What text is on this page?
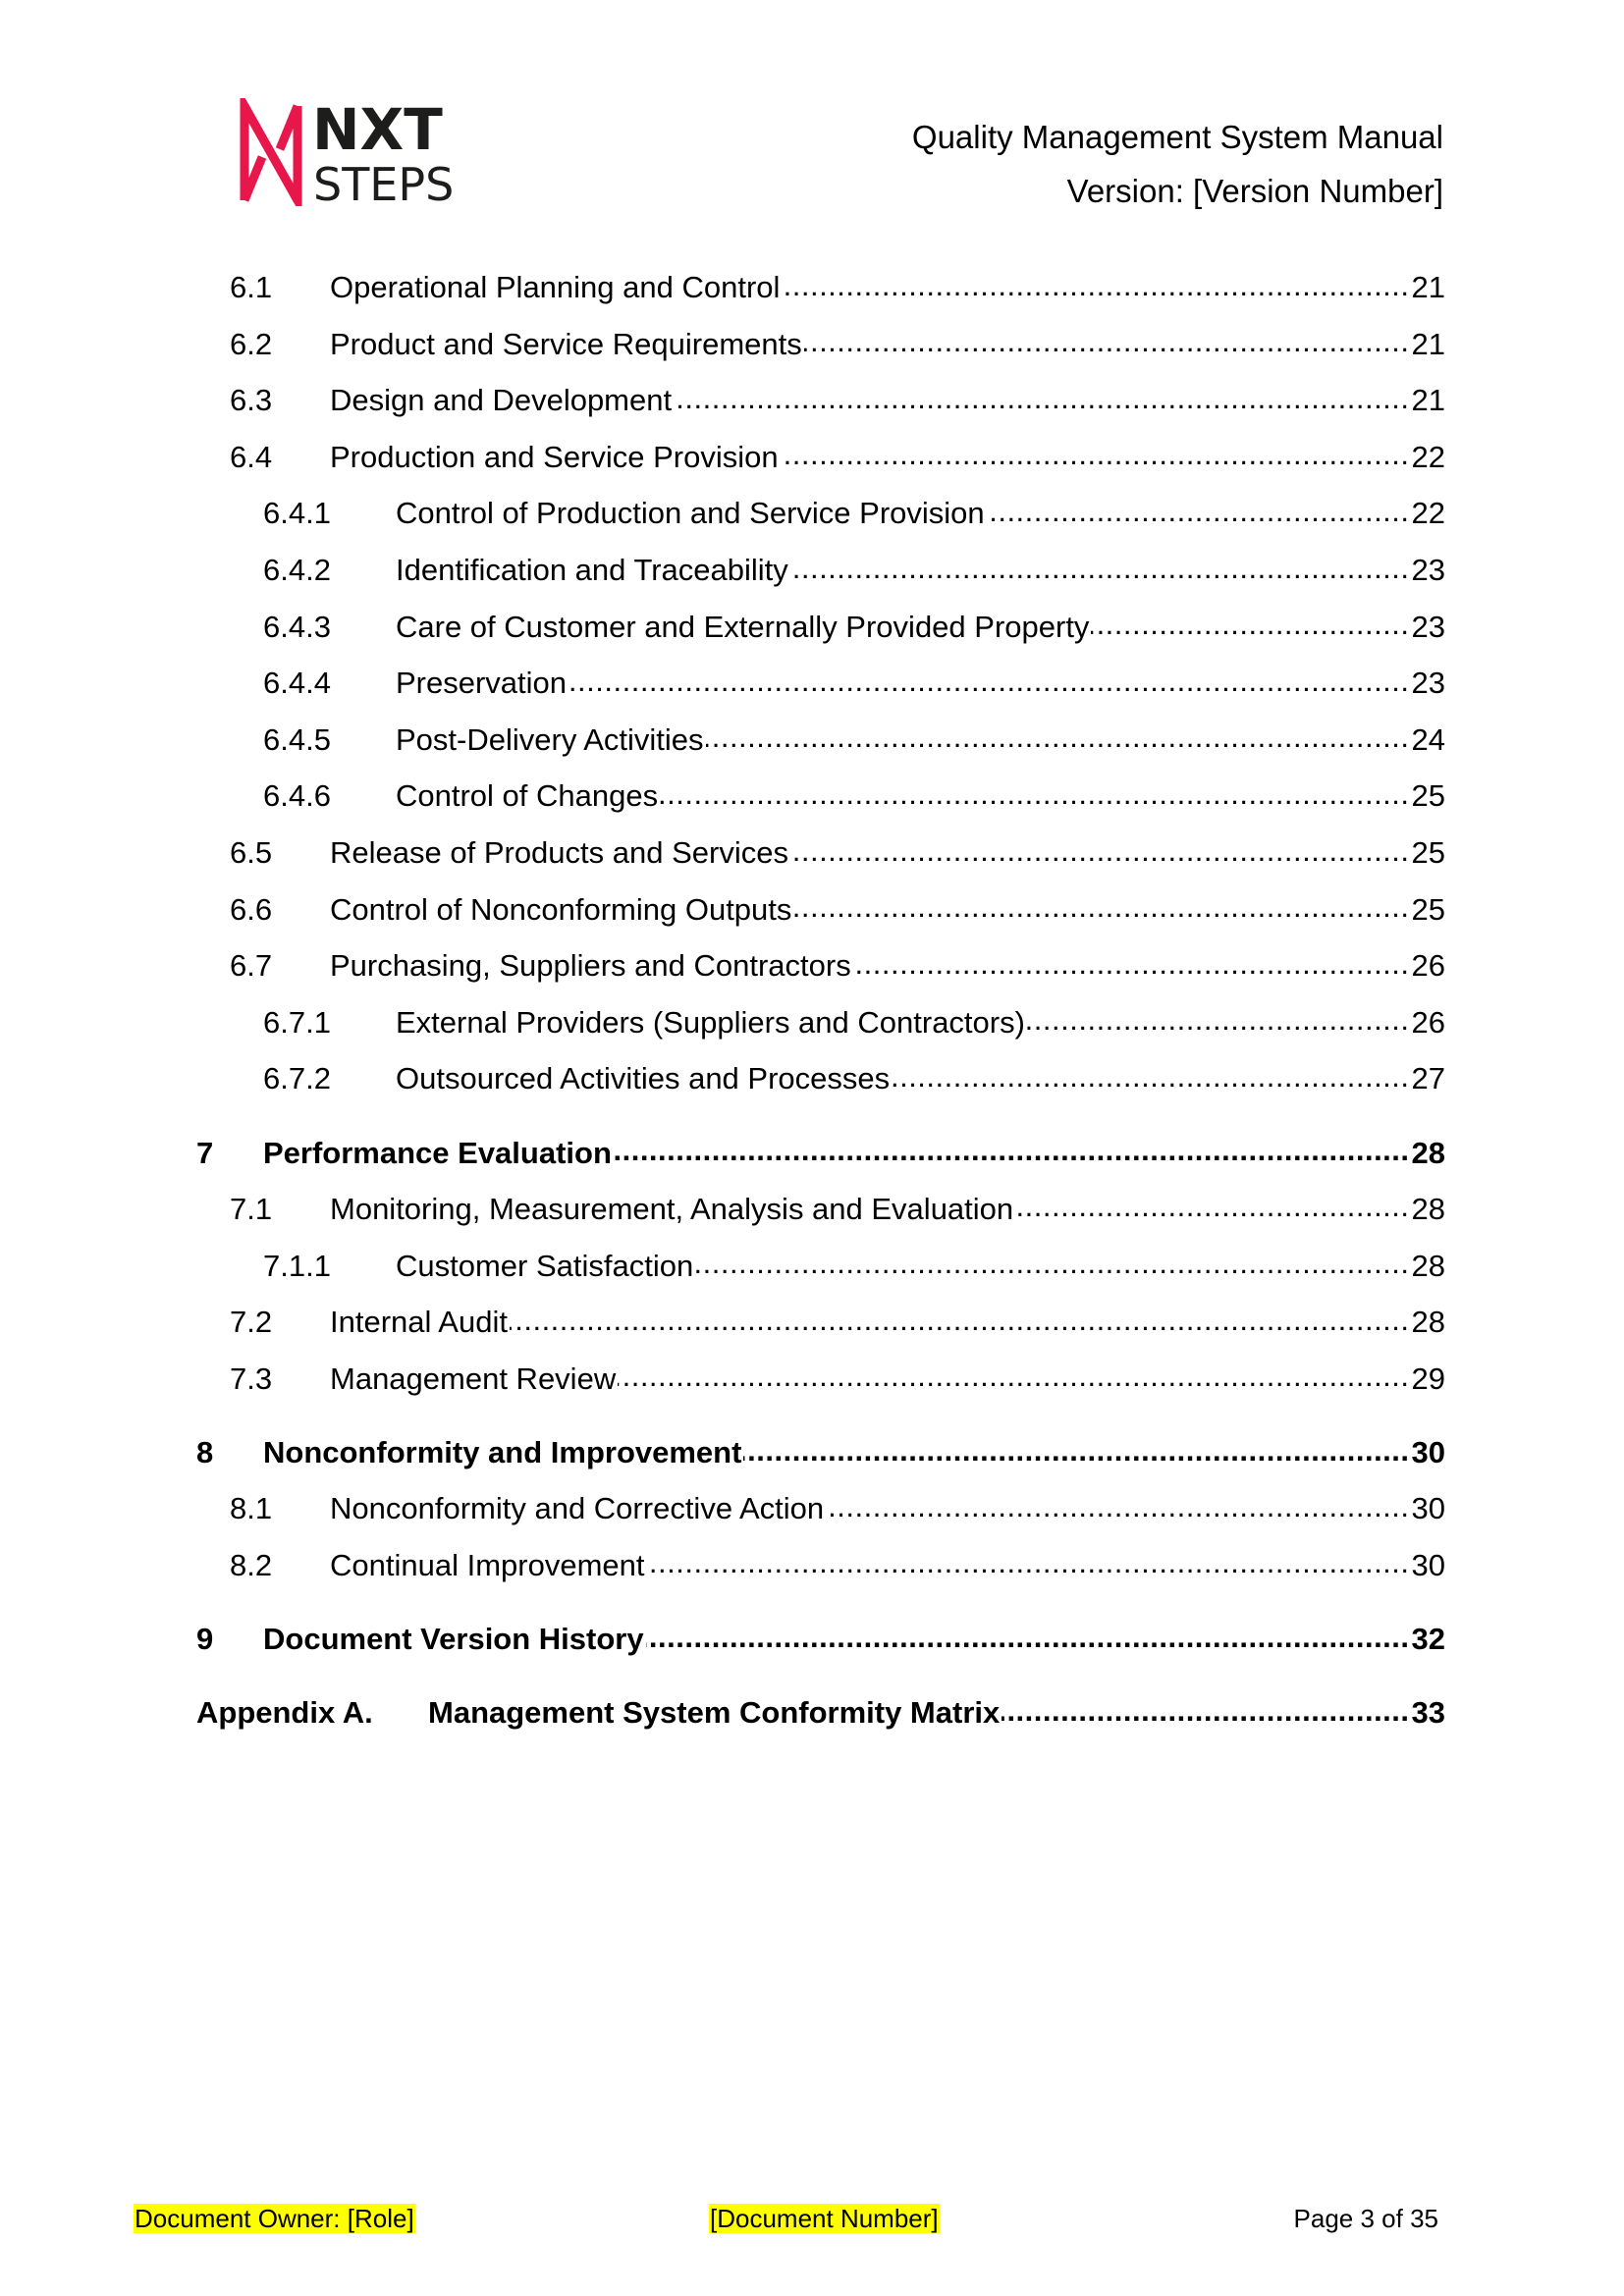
NXT
STEPS
Quality Management System Manual
Version: [Version Number]
6.1	Operational Planning and Control .....	21
6.2	Product and Service Requirements .....	21
6.3	Design and Development .....	21
6.4	Production and Service Provision .....	22
6.4.1	Control of Production and Service Provision .....	22
6.4.2	Identification and Traceability .....	23
6.4.3	Care of Customer and Externally Provided Property .....	23
6.4.4	Preservation .....	23
6.4.5	Post-Delivery Activities .....	24
6.4.6	Control of Changes .....	25
6.5	Release of Products and Services .....	25
6.6	Control of Nonconforming Outputs .....	25
6.7	Purchasing, Suppliers and Contractors .....	26
6.7.1	External Providers (Suppliers and Contractors) .....	26
6.7.2	Outsourced Activities and Processes .....	27
7	Performance Evaluation .....	28
7.1	Monitoring, Measurement, Analysis and Evaluation .....	28
7.1.1	Customer Satisfaction .....	28
7.2	Internal Audit .....	28
7.3	Management Review .....	29
8	Nonconformity and Improvement .....	30
8.1	Nonconformity and Corrective Action .....	30
8.2	Continual Improvement .....	30
9	Document Version History .....	32
Appendix A.	Management System Conformity Matrix .....	33
Document Owner: [Role]	[Document Number]	Page 3 of 35
